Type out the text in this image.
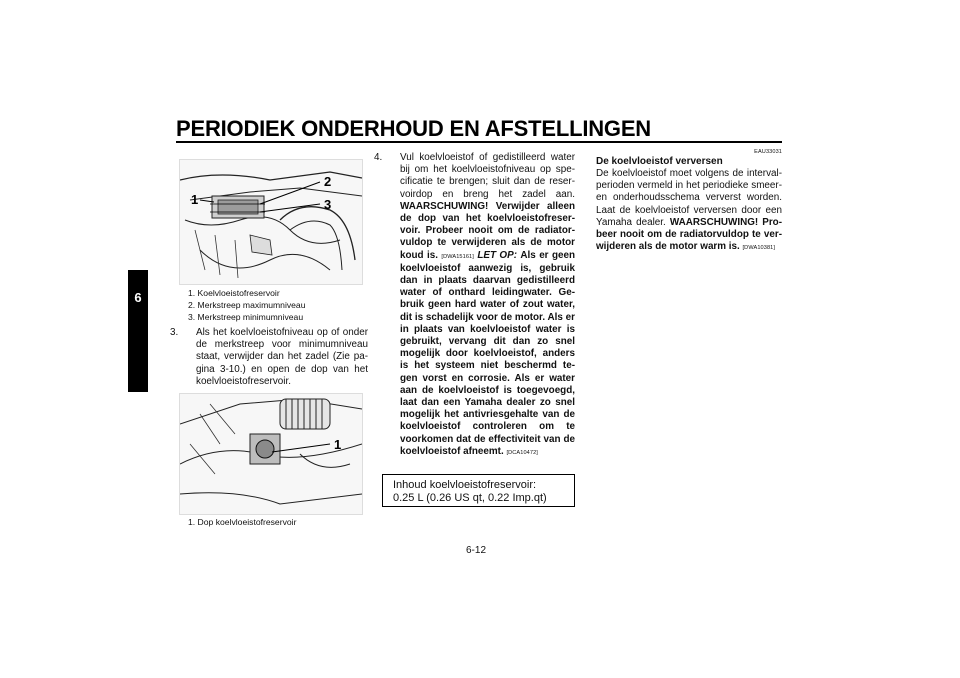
PERIODIEK ONDERHOUD EN AFSTELLINGEN
6
1
2
3
1. Koelvloeistofreservoir
2. Merkstreep maximumniveau
3. Merkstreep minimumniveau
3. Als het koelvloeistofniveau op of onder de merkstreep voor minimumniveau staat, verwijder dan het zadel (Zie pa-gina 3-10.) en open de dop van het koelvloeistofreservoir.
1
1. Dop koelvloeistofreservoir
4. Vul koelvloeistof of gedistilleerd water bij om het koelvloeistofniveau op spe-cificatie te brengen; sluit dan de reser-voirdop en breng het zadel aan. WAARSCHUWING! Verwijder alleen de dop van het koelvloeistofreser-voir. Probeer nooit om de radiator-vuldop te verwijderen als de motor koud is. [DWA15161] LET OP: Als er geen koelvloeistof aanwezig is, gebruik dan in plaats daarvan gedistilleerd water of onthard leidingwater. Ge-bruik geen hard water of zout water, dit is schadelijk voor de motor. Als er in plaats van koelvloeistof water is gebruikt, vervang dit dan zo snel mogelijk door koelvloeistof, anders is het systeem niet beschermd te-gen vorst en corrosie. Als er water aan de koelvloeistof is toegevoegd, laat dan een Yamaha dealer zo snel mogelijk het antivriesgehalte van de koelvloeistof controleren om te voorkomen dat de effectiviteit van de koelvloeistof afneemt. [DCA10472]
Inhoud koelvloeistofreservoir:
0.25 L (0.26 US qt, 0.22 Imp.qt)
EAU33031
De koelvloeistof verversen
De koelvloeistof moet volgens de interval-perioden vermeld in het periodieke smeer-en onderhoudsschema ververst worden. Laat de koelvloeistof verversen door een Yamaha dealer. WAARSCHUWING! Pro-beer nooit om de radiatorvuldop te ver-wijderen als de motor warm is. [DWA10381]
6-12
